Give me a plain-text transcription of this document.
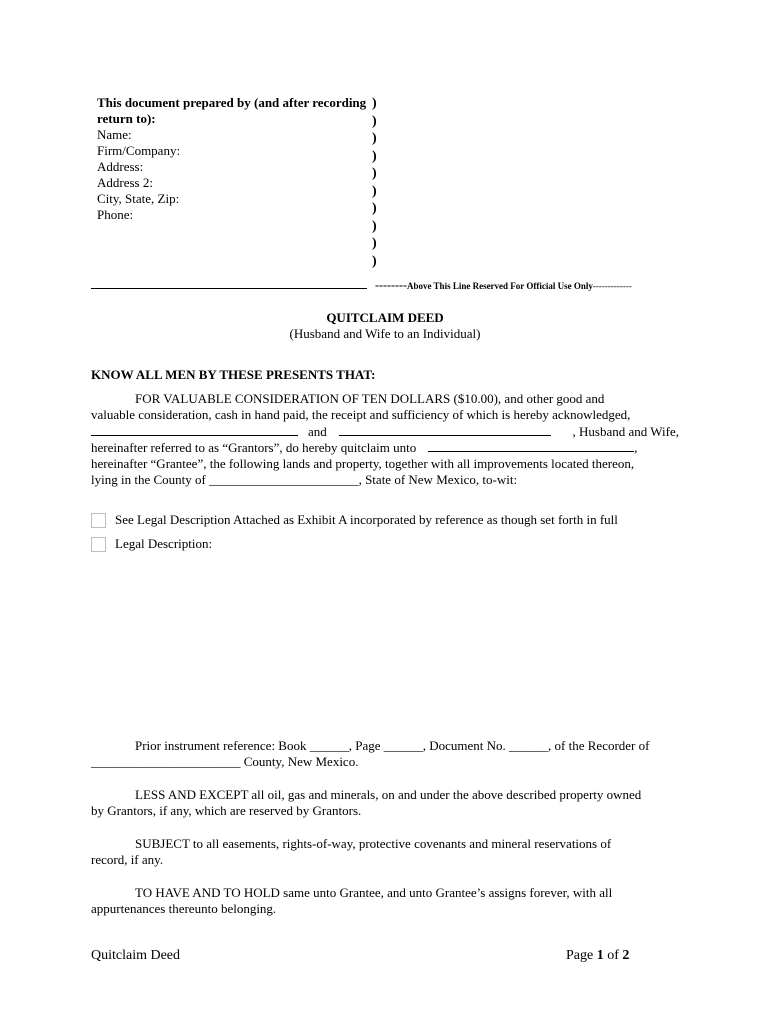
This document prepared by (and after recording return to):
Name:
Firm/Company:
Address:
Address 2:
City, State, Zip:
Phone:
)
)
)
)
)
)
)
)
)
)
--------Above This Line Reserved For Official Use Only-------------
QUITCLAIM DEED
(Husband and Wife to an Individual)
KNOW ALL MEN BY THESE PRESENTS THAT:
FOR VALUABLE CONSIDERATION OF TEN DOLLARS ($10.00), and other good and
valuable consideration, cash in hand paid, the receipt and sufficiency of which is hereby acknowledged,
and	, Husband and Wife,
hereinafter referred to as “Grantors”, do hereby quitclaim unto	,
hereinafter “Grantee”, the following lands and property, together with all improvements located thereon,
lying in the County of _______________________, State of New Mexico, to-wit:
See Legal Description Attached as Exhibit A incorporated by reference as though set forth in full
Legal Description:
Prior instrument reference: Book ______, Page ______, Document No. ______, of the Recorder of
_______________________ County, New Mexico.
LESS AND EXCEPT all oil, gas and minerals, on and under the above described property owned
by Grantors, if any, which are reserved by Grantors.
SUBJECT to all easements, rights-of-way, protective covenants and mineral reservations of
record, if any.
TO HAVE AND TO HOLD same unto Grantee, and unto Grantee’s assigns forever, with all
appurtenances thereunto belonging.
Quitclaim Deed	Page 1 of 2
